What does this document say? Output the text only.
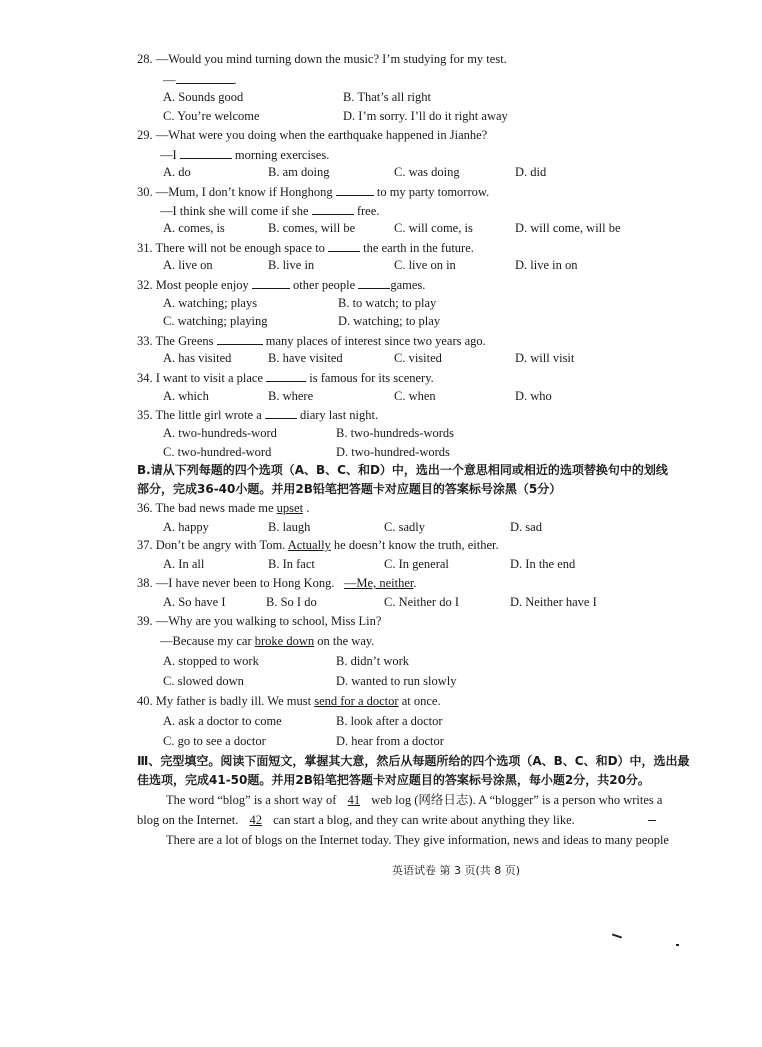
28. —Would you mind turning down the music? I’m studying for my test.
—	.
A. Sounds good	B. That’s all right
C. You’re welcome	D. I’m sorry. I’ll do it right away
29. —What were you doing when the earthquake happened in Jianhe?
—I	morning exercises.
A. do	B. am doing	C. was doing	D. did
30. —Mum, I don’t know if Honghong	to my party tomorrow.
—I think she will come if she	free.
A. comes, is	B. comes, will be	C. will come, is	D. will come, will be
31. There will not be enough space to	the earth in the future.
A. live on	B. live in	C. live on in	D. live in on
32. Most people enjoy	other people	games.
A. watching; plays	B. to watch; to play
C. watching; playing	D. watching; to play
33. The Greens	many places of interest since two years ago.
A. has visited	B. have visited	C. visited	D. will visit
34. I want to visit a place	is famous for its scenery.
A. which	B. where	C. when	D. who
35. The little girl wrote a	diary last night.
A. two-hundreds-word	B. two-hundreds-words
C. two-hundred-word	D. two-hundred-words
B.请从下列每题的四个选项（A、B、C、和D）中，选出一个意思相同或相近的选项替换句中的划线
部分，完成36-40小题。并用2B铅笔把答题卡对应题目的答案标号涂黑（5分）
36. The bad news made me upset .
A. happy	B. laugh	C. sadly	D. sad
37. Don’t be angry with Tom. Actually he doesn’t know the truth, either.
A. In all	B. In fact	C. In general	D. In the end
38. —I have never been to Hong Kong. —Me, neither.
A. So have I	B. So I do	C. Neither do I	D. Neither have I
39. —Why are you walking to school, Miss Lin?
—Because my car broke down on the way.
A. stopped to work	B. didn’t work
C. slowed down	D. wanted to run slowly
40. My father is badly ill. We must send for a doctor at once.
A. ask a doctor to come	B. look after a doctor
C. go to see a doctor	D. hear from a doctor
Ⅲ、完型填空。阅读下面短文，掌握其大意，然后从每题所给的四个选项（A、B、C、和D）中，选出最
佳选项，完成41-50题。并用2B铅笔把答题卡对应题目的答案标号涂黑，每小题2分，共20分。
The word “blog” is a short way of 41 web log (网络日志). A “blogger” is a person who writes a
blog on the Internet. 42 can start a blog, and they can write about anything they like.
There are a lot of blogs on the Internet today. They give information, news and ideas to many people
英语试卷 第 3 页(共 8 页)
